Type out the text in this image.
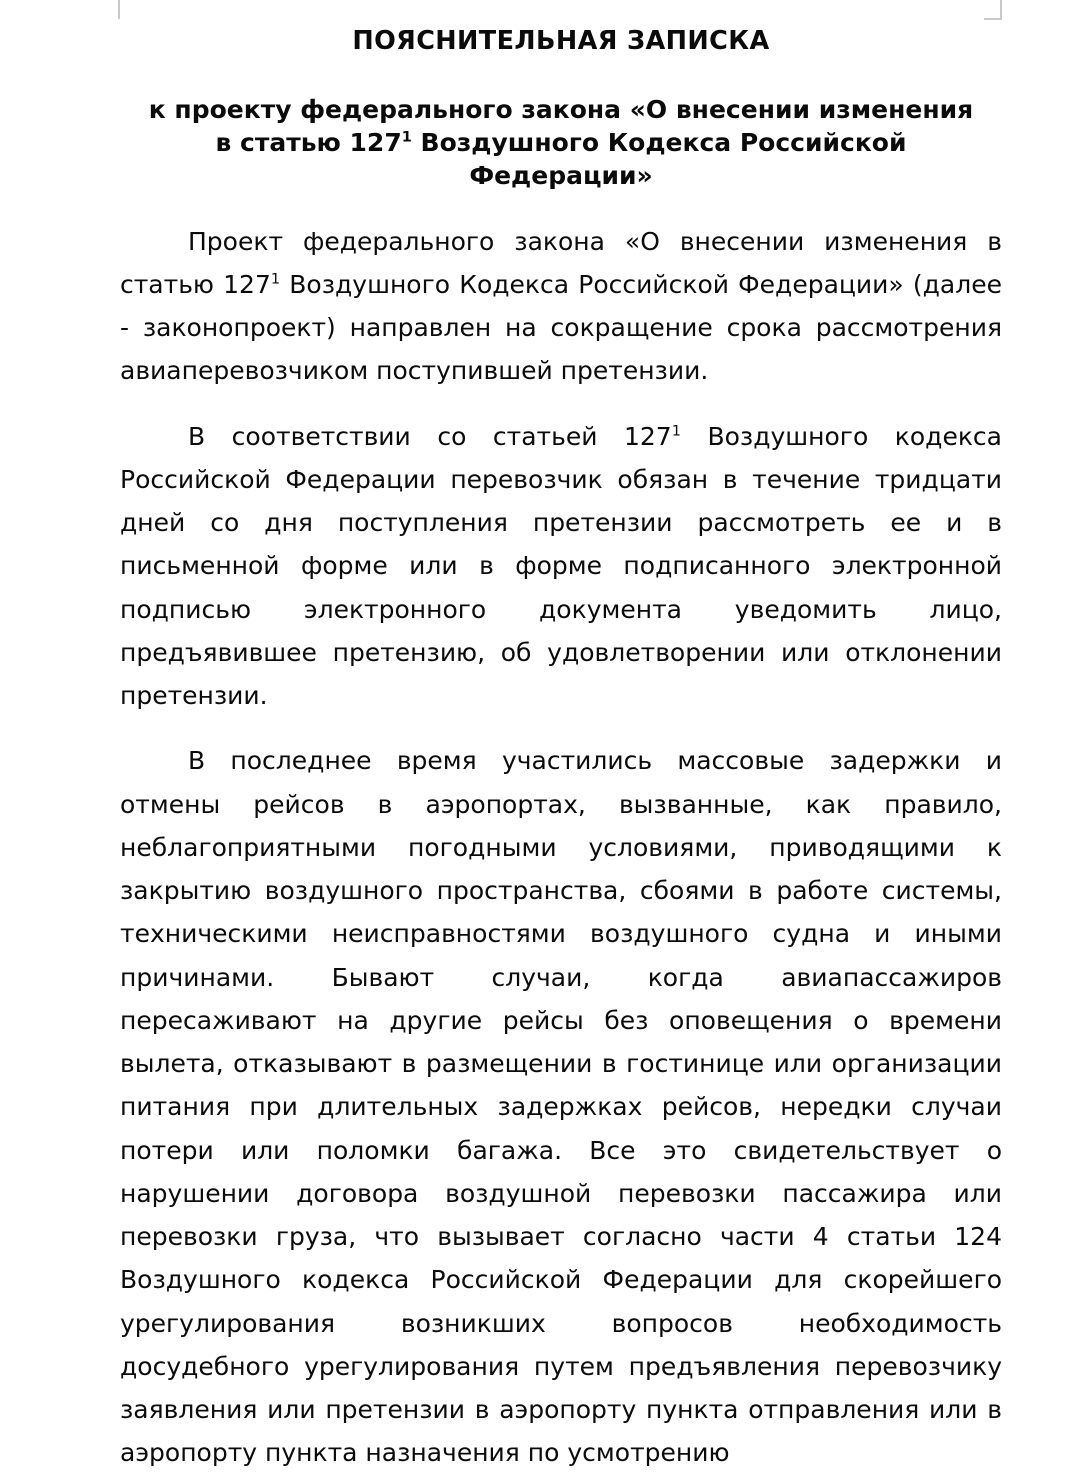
ПОЯСНИТЕЛЬНАЯ ЗАПИСКА
к проекту федерального закона «О внесении изменения в статью $127^1$ Воздушного Кодекса Российской Федерации»

Проект федерального закона «О внесении изменения в статью $127^1$ Воздушного Кодекса Российской Федерации» (далее - законопроект) направлен на сокращение срока рассмотрения авиаперевозчиком поступившей претензии.

В соответствии со статьей $127^1$ Воздушного кодекса Российской Федерации перевозчик обязан в течение тридцати дней со дня поступления претензии рассмотреть ее и в письменной форме или в форме подписанного электронной подписью электронного документа уведомить лицо, предъявившее претензию, об удовлетворении или отклонении претензии.

В последнее время участились массовые задержки и отмены рейсов в аэропортах, вызванные, как правило, неблагоприятными погодными условиями, приводящими к закрытию воздушного пространства, сбоями в работе системы, техническими неисправностями воздушного судна и иными причинами. Бывают случаи, когда авиапассажиров пересаживают на другие рейсы без оповещения о времени вылета, отказывают в размещении в гостинице или организации питания при длительных задержках рейсов, нередки случаи потери или поломки багажа. Все это свидетельствует о нарушении договора воздушной перевозки пассажира или перевозки груза, что вызывает согласно части 4 статьи 124 Воздушного кодекса Российской Федерации для скорейшего урегулирования возникших вопросов необходимость досудебного урегулирования путем предъявления перевозчику заявления или претензии в аэропорту пункта отправления или в аэропорту пункта назначения по усмотрению
